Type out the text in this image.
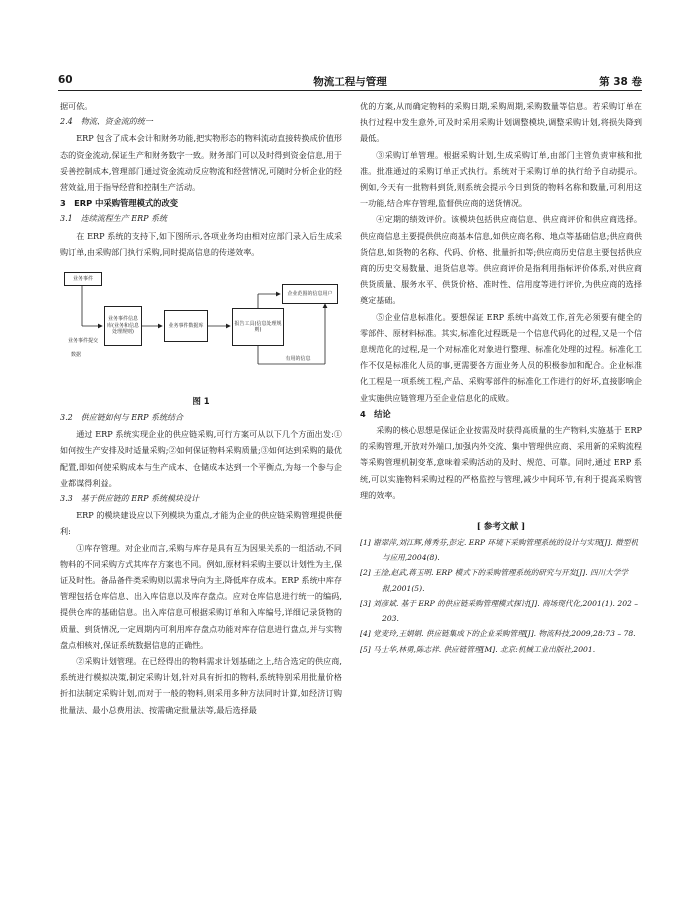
60	物流工程与管理	第 38 卷

据可依。

2.4　物流、资金流的统一

ERP 包含了成本会计和财务功能,把实物形态的物料流动直接转换成价值形态的资金流动,保证生产和财务数字一致。财务部门可以及时得到资金信息,用于妥善控制成本,管理部门通过资金流动反应物流和经营情况,可随时分析企业的经营效益,用于指导经营和控制生产活动。

3　ERP 中采购管理模式的改变

3.1　连续流程生产 ERP 系统

在 ERP 系统的支持下,如下图所示,各项业务均由相对应部门录入后生成采购订单,由采购部门执行采购,同时提高信息的传递效率。

业务事件
业务事件信息库(业务和信息处理规则)
业务事件数据库	报告工具(信息处理规则)
企业范围的信息用户
业务事件提交
数据
有用的信息
图 1

3.2　供应链如何与 ERP 系统结合

通过 ERP 系统实现企业的供应链采购,可行方案可从以下几个方面出发:①如何按生产安排及时适量采购;②如何保证物料采购质量;③如何达到采购的最优配置,即如何使采购成本与生产成本、仓储成本达到一个平衡点,为每一个参与企业都谋得利益。

3.3　基于供应链的 ERP 系统模块设计

ERP 的模块建设应以下列模块为重点,才能为企业的供应链采购管理提供便利:

①库存管理。对企业而言,采购与库存是具有互为因果关系的一组活动,不同物料的不同采购方式其库存方案也不同。例如,原材料采购主要以计划性为主,保证及时性。备品备件类采购则以需求导向为主,降低库存成本。ERP 系统中库存管理包括仓库信息、出入库信息以及库存盘点。应对仓库信息进行统一的编码,提供仓库的基础信息。出入库信息可根据采购订单和入库编号,详细记录货物的质量、到货情况,一定周期内可利用库存盘点功能对库存信息进行盘点,并与实物盘点相核对,保证系统数据信息的正确性。

②采购计划管理。在已经得出的物料需求计划基础之上,结合选定的供应商,系统进行模拟决策,制定采购计划,针对具有折扣的物料,系统特别采用批量价格折扣法制定采购计划,而对于一般的物料,则采用多种方法同时计算,如经济订购批量法、最小总费用法、按需确定批量法等,最后选择最

优的方案,从而确定物料的采购日期,采购周期,采购数量等信息。若采购订单在执行过程中发生意外,可及时采用采购计划调整模块,调整采购计划,将损失降到最低。

③采购订单管理。根据采购计划,生成采购订单,由部门主管负责审核和批准。批准通过的采购订单正式执行。系统对于采购订单的执行给予自动提示。例如,今天有一批物料到货,则系统会提示今日到货的物料名称和数量,可利用这一功能,结合库存管理,监督供应商的送货情况。

④定期的绩效评价。该模块包括供应商信息、供应商评价和供应商选择。供应商信息主要提供供应商基本信息,如供应商名称、地点等基础信息;供应商供货信息,如货物的名称、代码、价格、批量折扣等;供应商历史信息主要包括供应商的历史交易数量、退货信息等。供应商评价是指利用指标评价体系,对供应商供货质量、服务水平、供货价格、准时性、信用度等进行评价,为供应商的选择奠定基础。

⑤企业信息标准化。要想保证 ERP 系统中高效工作,首先必须要有健全的零部件、原材料标准。其实,标准化过程既是一个信息代码化的过程,又是一个信息规范化的过程,是一个对标准化对象进行整理、标准化处理的过程。标准化工作不仅是标准化人员的事,更需要各方面业务人员的积极参加和配合。企业标准化工程是一项系统工程,产品、采购零部件的标准化工作进行的好坏,直接影响企业实施供应链管理乃至企业信息化的成败。

4　结论

采购的核心思想是保证企业按需及时获得高质量的生产物料,实施基于 ERP 的采购管理,开放对外端口,加强内外交流、集中管理供应商、采用新的采购流程等采购管理机制变革,意味着采购活动的及时、规范、可靠。同时,通过 ERP 系统,可以实施物料采购过程的严格监控与管理,减少中间环节,有利于提高采购管理的效率。

[ 参考文献 ]
[1] 谢翠萍,刘江辉,傅秀芬,彭定. ERP 环境下采购管理系统的设计与实现[J]. 微型机与应用,2004(8).
[2] 王淦,赵武,蒋玉明. ERP 模式下的采购管理系统的研究与开发[J]. 四川大学学报,2001(5).
[3] 刘彦斌. 基于 ERP 的供应链采购管理模式探讨[J]. 商场现代化,2001(1). 202 – 203.
[4] 党麦玲,王娟娟. 供应链集成下的企业采购管理[J]. 物流科技,2009,28:73 – 78.
[5] 马士华,林勇,陈志祥. 供应链管理[M]. 北京:机械工业出版社,2001.
